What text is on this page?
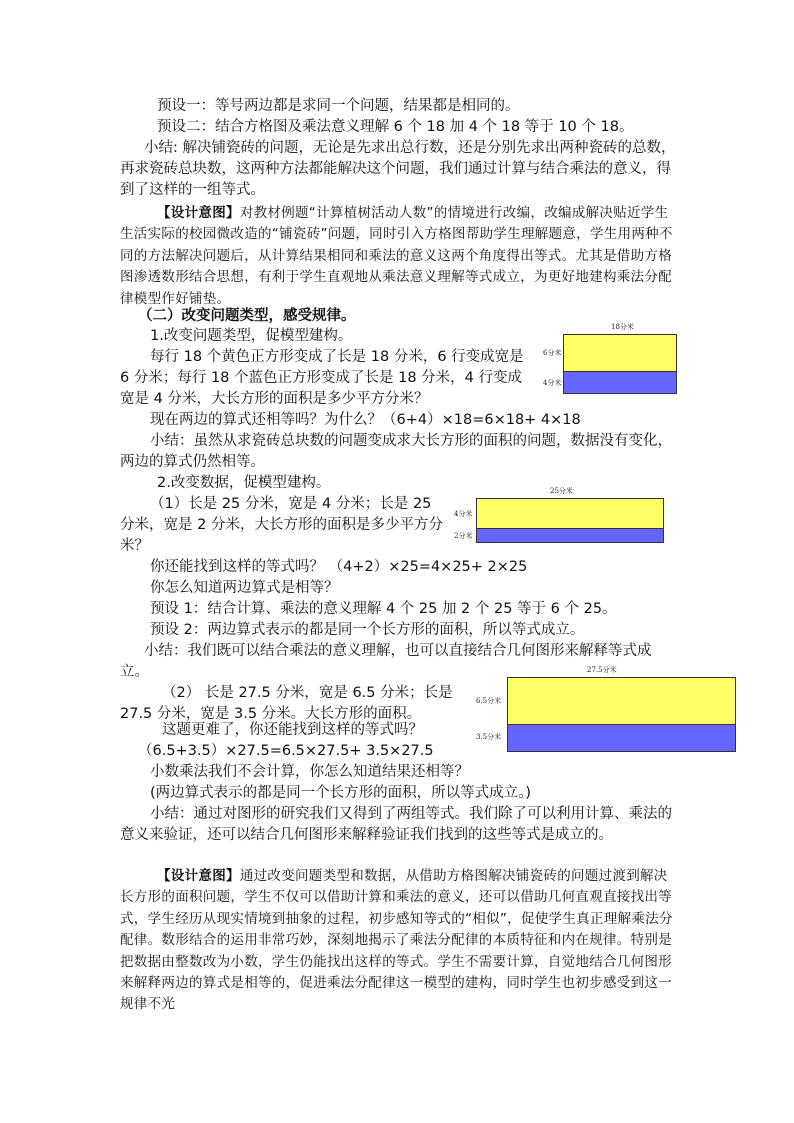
预设一：等号两边都是求同一个问题，结果都是相同的。
预设二：结合方格图及乘法意义理解 6 个 18 加 4 个 18 等于 10 个 18。
小结: 解决铺瓷砖的问题，无论是先求出总行数，还是分别先求出两种瓷砖的总数，再求瓷砖总块数，这两种方法都能解决这个问题，我们通过计算与结合乘法的意义，得到了这样的一组等式。
【设计意图】对教材例题“计算植树活动人数”的情境进行改编，改编成解决贴近学生生活实际的校园微改造的“铺瓷砖”问题，同时引入方格图帮助学生理解题意，学生用两种不同的方法解决问题后，从计算结果相同和乘法的意义这两个角度得出等式。尤其是借助方格图渗透数形结合思想，有利于学生直观地从乘法意义理解等式成立，为更好地建构乘法分配律模型作好铺垫。
（二）改变问题类型，感受规律。
1.改变问题类型，促模型建构。
每行 18 个黄色正方形变成了长是 18 分米，6 行变成宽是 6 分米；每行 18 个蓝色正方形变成了长是 18 分米，4 行变成宽是 4 分米，大长方形的面积是多少平方分米？
18分米
6分米
4分米
现在两边的算式还相等吗？为什么？（6+4）×18=6×18+ 4×18
小结：虽然从求瓷砖总块数的问题变成求大长方形的面积的问题，数据没有变化，两边的算式仍然相等。
2.改变数据，促模型建构。
（1）长是 25 分米，宽是 4 分米；长是 25 分米，宽是 2 分米，大长方形的面积是多少平方分米？
25分米
4分米
2分米
你还能找到这样的等式吗？ （4+2）×25=4×25+ 2×25
你怎么知道两边算式是相等？
预设 1：结合计算、乘法的意义理解 4 个 25 加 2 个 25 等于 6 个 25。
预设 2：两边算式表示的都是同一个长方形的面积，所以等式成立。
小结：我们既可以结合乘法的意义理解，也可以直接结合几何图形来解释等式成立。
（2） 长是 27.5 分米，宽是 6.5 分米；长是 27.5 分米，宽是 3.5 分米。大长方形的面积。
27.5分米
6.5分米
3.5分米
这题更难了，你还能找到这样的等式吗？
（6.5+3.5）×27.5=6.5×27.5+ 3.5×27.5
小数乘法我们不会计算，你怎么知道结果还相等？
(两边算式表示的都是同一个长方形的面积，所以等式成立。)
小结：通过对图形的研究我们又得到了两组等式。我们除了可以利用计算、乘法的意义来验证，还可以结合几何图形来解释验证我们找到的这些等式是成立的。
【设计意图】通过改变问题类型和数据，从借助方格图解决铺瓷砖的问题过渡到解决长方形的面积问题，学生不仅可以借助计算和乘法的意义，还可以借助几何直观直接找出等式，学生经历从现实情境到抽象的过程，初步感知等式的“相似”，促使学生真正理解乘法分配律。数形结合的运用非常巧妙，深刻地揭示了乘法分配律的本质特征和内在规律。特别是把数据由整数改为小数，学生仍能找出这样的等式。学生不需要计算，自觉地结合几何图形来解释两边的算式是相等的，促进乘法分配律这一模型的建构，同时学生也初步感受到这一规律不光
